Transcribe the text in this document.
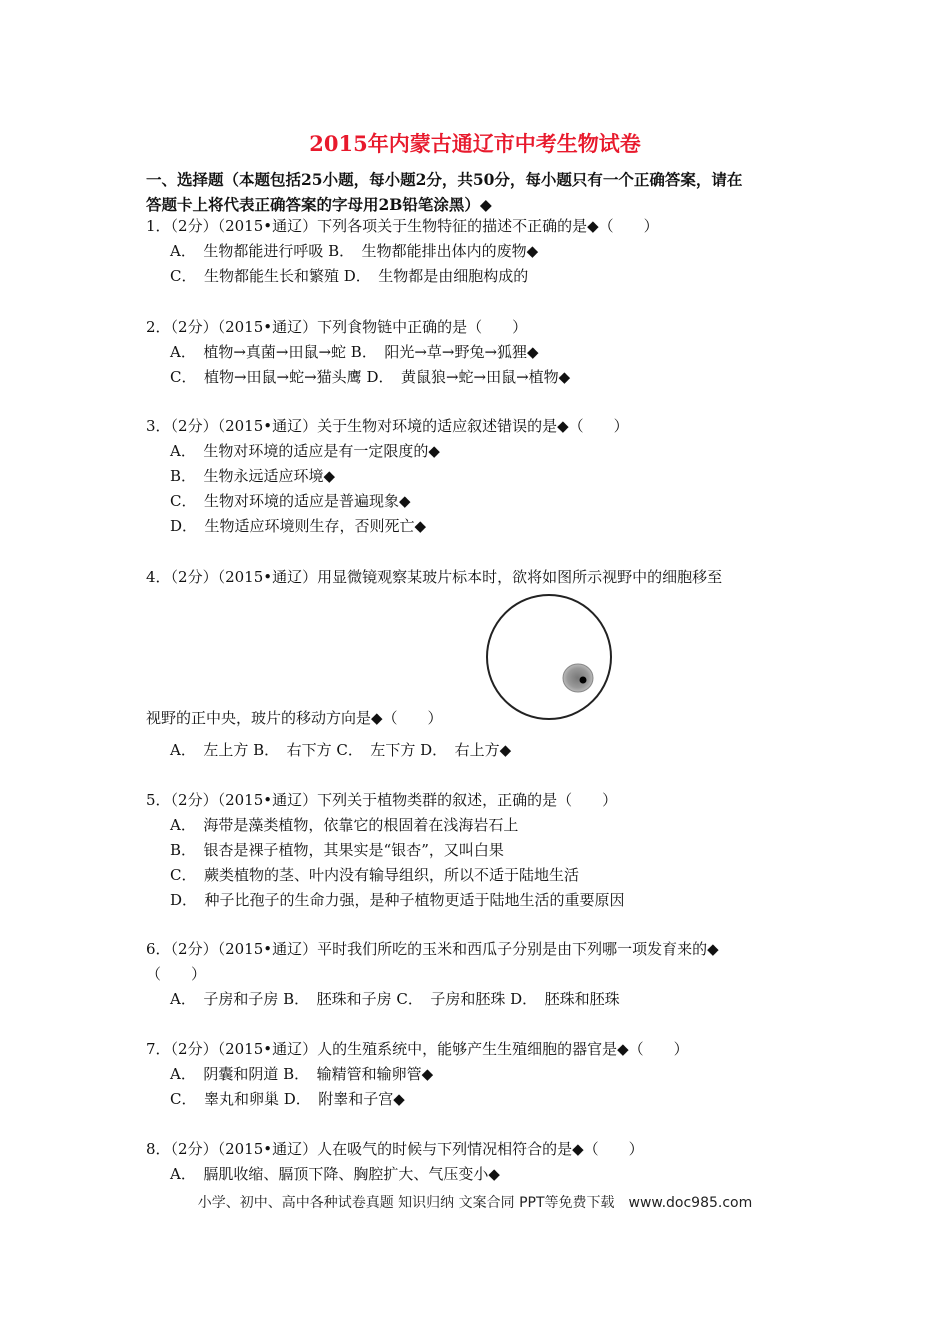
2015年内蒙古通辽市中考生物试卷
一、选择题（本题包括25小题，每小题2分，共50分，每小题只有一个正确答案，请在
答题卡上将代表正确答案的字母用2B铅笔涂黑）◆
1．（2分）（2015•通辽）下列各项关于生物特征的描述不正确的是◆（　　）
A．　生物都能进行呼吸 B．　生物都能排出体内的废物◆
C．　生物都能生长和繁殖 D．　生物都是由细胞构成的
2．（2分）（2015•通辽）下列食物链中正确的是（　　）
A．　植物→真菌→田鼠→蛇 B．　阳光→草→野兔→狐狸◆
C．　植物→田鼠→蛇→猫头鹰 D．　黄鼠狼→蛇→田鼠→植物◆
3．（2分）（2015•通辽）关于生物对环境的适应叙述错误的是◆（　　）
A．　生物对环境的适应是有一定限度的◆
B．　生物永远适应环境◆
C．　生物对环境的适应是普遍现象◆
D．　生物适应环境则生存，否则死亡◆
4．（2分）（2015•通辽）用显微镜观察某玻片标本时，欲将如图所示视野中的细胞移至
视野的正中央，玻片的移动方向是◆（　　）
A．　左上方 B．　右下方 C．　左下方 D．　右上方◆
5．（2分）（2015•通辽）下列关于植物类群的叙述，正确的是（　　）
A．　海带是藻类植物，依靠它的根固着在浅海岩石上
B．　银杏是裸子植物，其果实是“银杏”，又叫白果
C．　蕨类植物的茎、叶内没有输导组织，所以不适于陆地生活
D．　种子比孢子的生命力强，是种子植物更适于陆地生活的重要原因
6．（2分）（2015•通辽）平时我们所吃的玉米和西瓜子分别是由下列哪一项发育来的◆
（　　）
A．　子房和子房 B．　胚珠和子房 C．　子房和胚珠 D．　胚珠和胚珠
7．（2分）（2015•通辽）人的生殖系统中，能够产生生殖细胞的器官是◆（　　）
A．　阴囊和阴道 B．　输精管和输卵管◆
C．　睾丸和卵巢 D．　附睾和子宫◆
8．（2分）（2015•通辽）人在吸气的时候与下列情况相符合的是◆（　　）
A．　膈肌收缩、膈顶下降、胸腔扩大、气压变小◆
小学、初中、高中各种试卷真题 知识归纳 文案合同 PPT等免费下载　www.doc985.com
